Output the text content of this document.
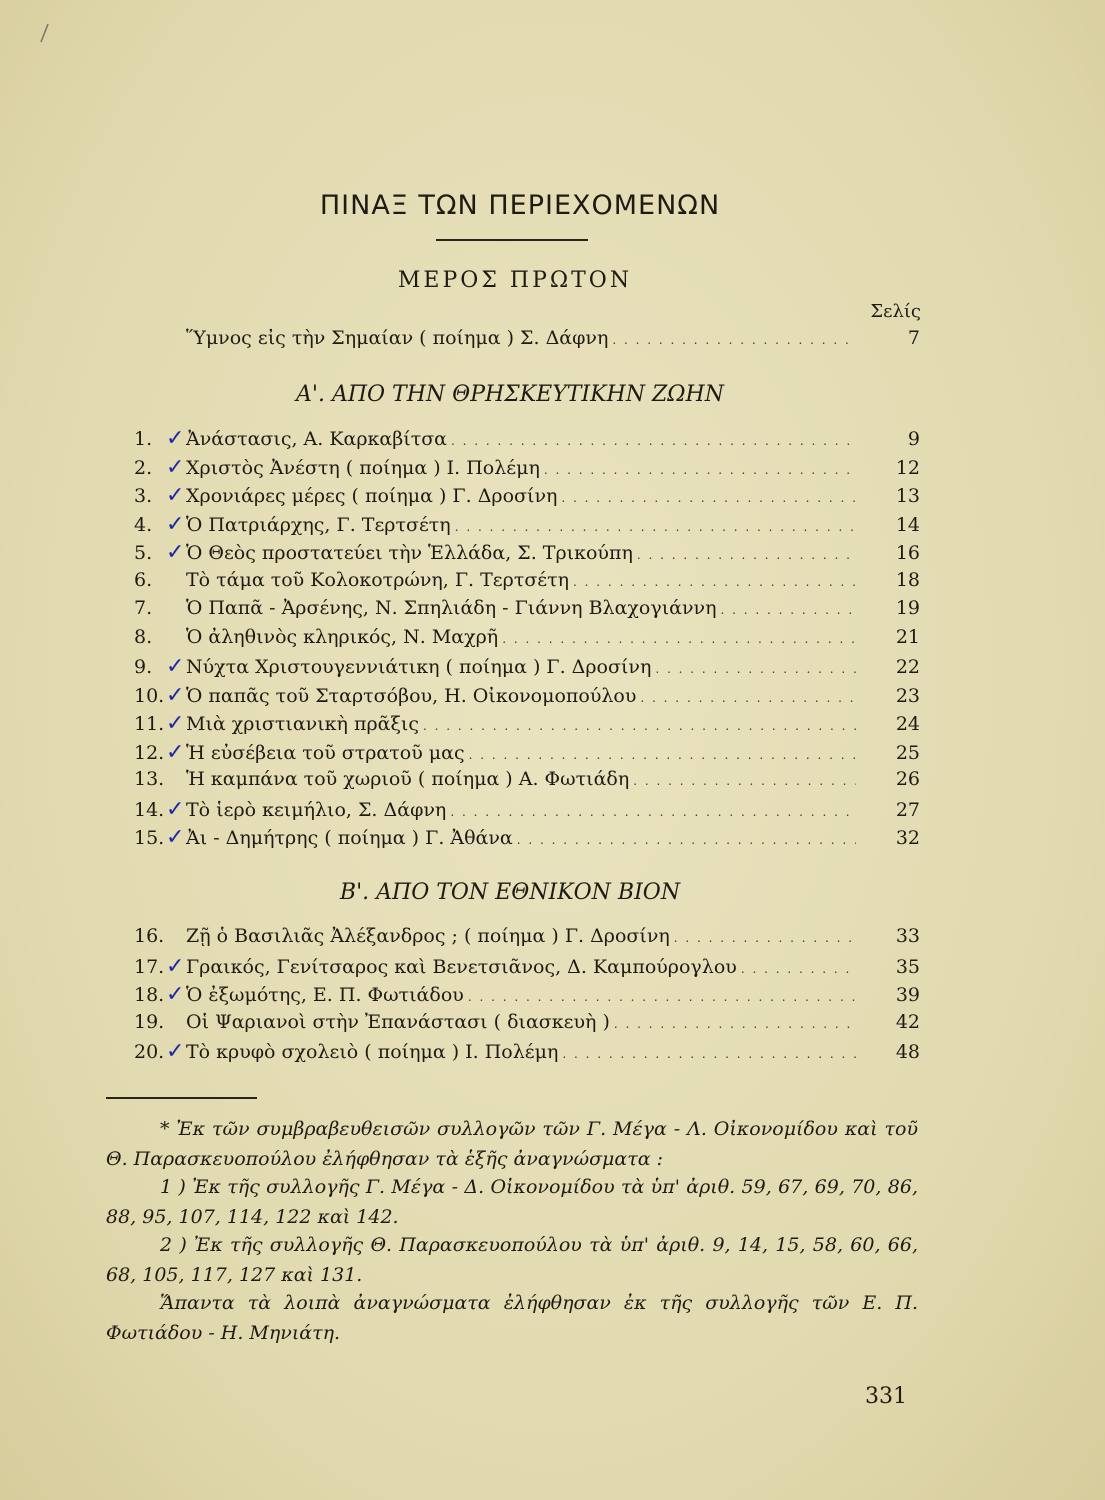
ΠΙΝΑΞ ΤΩΝ ΠΕΡΙΕΧΟΜΕΝΩΝ
ΜΕΡΟΣ ΠΡΩΤΟΝ
Σελίς
Ὕμνος εἰς τὴν Σημαίαν ( ποίημα ) Σ. Δάφνη . . .	7
Α'. ΑΠΟ ΤΗΝ ΘΡΗΣΚΕΥΤΙΚΗΝ ΖΩΗΝ
1. ✓ Ἀνάστασις, Α. Καρκαβίτσα . . .	9
2. ✓ Χριστὸς Ἀνέστη ( ποίημα ) Ι. Πολέμη . . .	12
3. ✓ Χρονιάρες μέρες ( ποίημα ) Γ. Δροσίνη . . .	13
4. ✓ Ὁ Πατριάρχης, Γ. Τερτσέτη . . .	14
5. ✓ Ὁ Θεὸς προστατεύει τὴν Ἑλλάδα, Σ. Τρικούπη . . .	16
6.	Τὸ τάμα τοῦ Κολοκοτρώνη, Γ. Τερτσέτη . . .	18
7.	Ὁ Παπᾶ - Ἀρσένης, Ν. Σπηλιάδη - Γιάννη Βλαχογιάννη . . .	19
8.	Ὁ ἀληθινὸς κληρικός, Ν. Μαχρῆ . . .	21
9. ✓ Νύχτα Χριστουγεννιάτικη ( ποίημα ) Γ. Δροσίνη . . .	22
10. ✓ Ὁ παπᾶς τοῦ Σταρτσόβου, Η. Οἰκονομοπούλου . . .	23
11. ✓ Μιὰ χριστιανικὴ πρᾶξις . . .	24
12. ✓ Ἡ εὐσέβεια τοῦ στρατοῦ μας . . .	25
13.	Ἡ καμπάνα τοῦ χωριοῦ ( ποίημα ) Α. Φωτιάδη . . .	26
14. ✓ Τὸ ἱερὸ κειμήλιο, Σ. Δάφνη . . .	27
15. ✓ Ἀι - Δημήτρης ( ποίημα ) Γ. Ἀθάνα . . .	32
Β'. ΑΠΟ ΤΟΝ ΕΘΝΙΚΟΝ ΒΙΟΝ
16.	Ζῇ ὁ Βασιλιᾶς Ἀλέξανδρος ; ( ποίημα ) Γ. Δροσίνη . . .	33
17. ✓ Γραικός, Γενίτσαρος καὶ Βενετσιᾶνος, Δ. Καμπούρογλου . . .	35
18. ✓ Ὁ ἐξωμότης, Ε. Π. Φωτιάδου . . .	39
19.	Οἱ Ψαριανοὶ στὴν Ἐπανάστασι ( διασκευὴ ) . . .	42
20. ✓ Τὸ κρυφὸ σχολειὸ ( ποίημα ) Ι. Πολέμη . . .	48
* Ἐκ τῶν συμβραβευθεισῶν συλλογῶν τῶν Γ. Μέγα - Λ. Οἰκονομίδου καὶ τοῦ Θ. Παρασκευοπούλου ἐλήφθησαν τὰ ἑξῆς ἀναγνώσματα :
1 ) Ἐκ τῆς συλλογῆς Γ. Μέγα - Δ. Οἰκονομίδου τὰ ὑπ' ἀριθ. 59, 67, 69, 70, 86, 88, 95, 107, 114, 122 καὶ 142.
2 ) Ἐκ τῆς συλλογῆς Θ. Παρασκευοπούλου τὰ ὑπ' ἀριθ. 9, 14, 15, 58, 60, 66, 68, 105, 117, 127 καὶ 131.
Ἅπαντα τὰ λοιπὰ ἀναγνώσματα ἐλήφθησαν ἐκ τῆς συλλογῆς τῶν Ε. Π. Φωτιάδου - Η. Μηνιάτη.
331
